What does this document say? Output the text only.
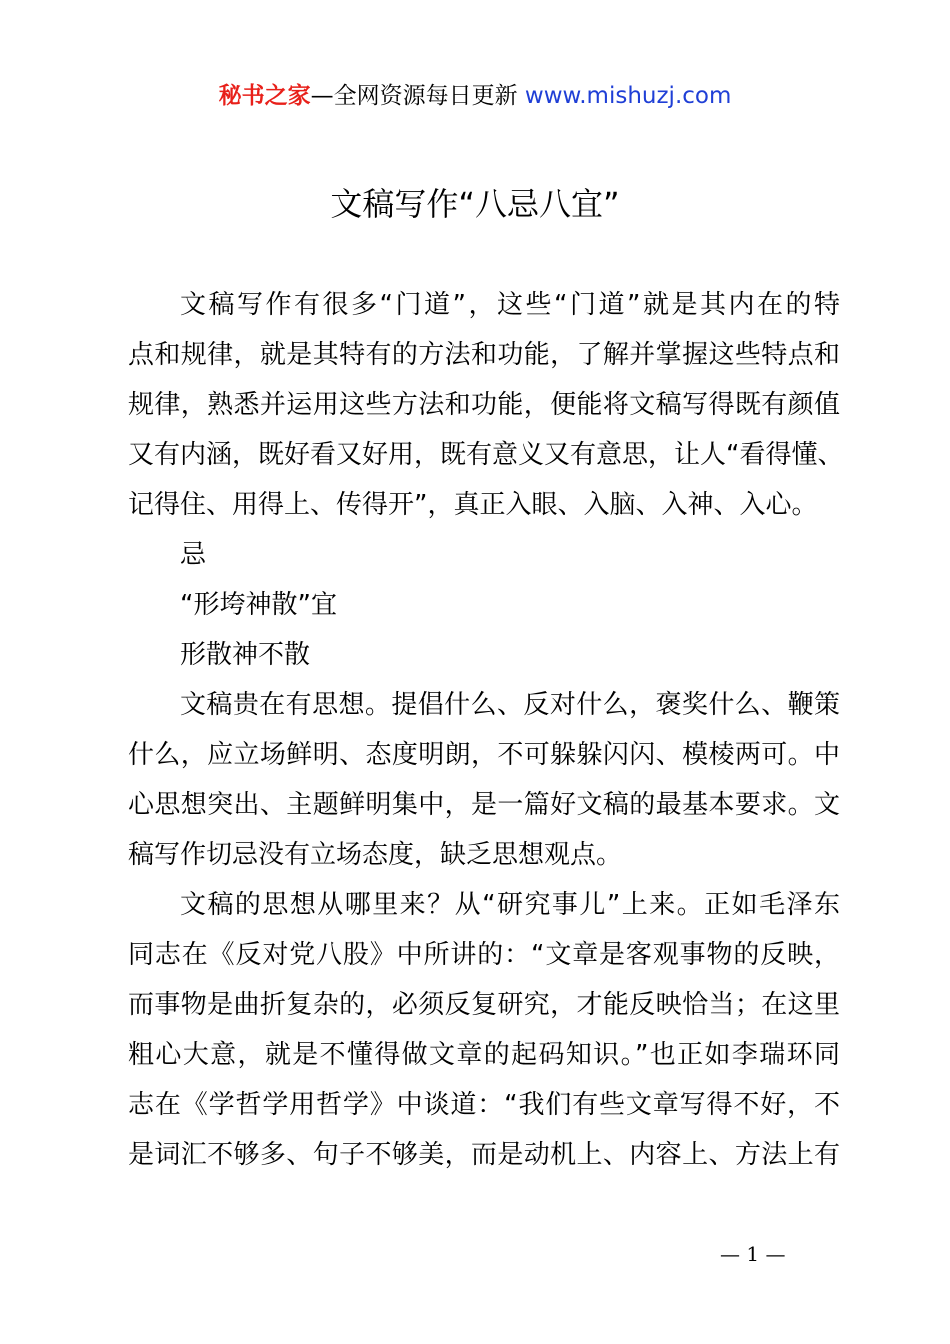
秘书之家—全网资源每日更新 www.mishuzj.com
文稿写作“八忌八宜”

文稿写作有很多“门道”，这些“门道”就是其内在的特

点和规律，就是其特有的方法和功能，了解并掌握这些特点和

规律，熟悉并运用这些方法和功能，便能将文稿写得既有颜值

又有内涵，既好看又好用，既有意义又有意思，让人“看得懂、

记得住、用得上、传得开”，真正入眼、入脑、入神、入心。

忌

“形垮神散”宜

形散神不散

文稿贵在有思想。提倡什么、反对什么，褒奖什么、鞭策

什么，应立场鲜明、态度明朗，不可躲躲闪闪、模棱两可。中

心思想突出、主题鲜明集中，是一篇好文稿的最基本要求。文

稿写作切忌没有立场态度，缺乏思想观点。

文稿的思想从哪里来？从“研究事儿”上来。正如毛泽东

同志在《反对党八股》中所讲的：“文章是客观事物的反映，

而事物是曲折复杂的，必须反复研究，才能反映恰当；在这里

粗心大意，就是不懂得做文章的起码知识。”也正如李瑞环同

志在《学哲学用哲学》中谈道：“我们有些文章写得不好，不

是词汇不够多、句子不够美，而是动机上、内容上、方法上有

— 1 —
